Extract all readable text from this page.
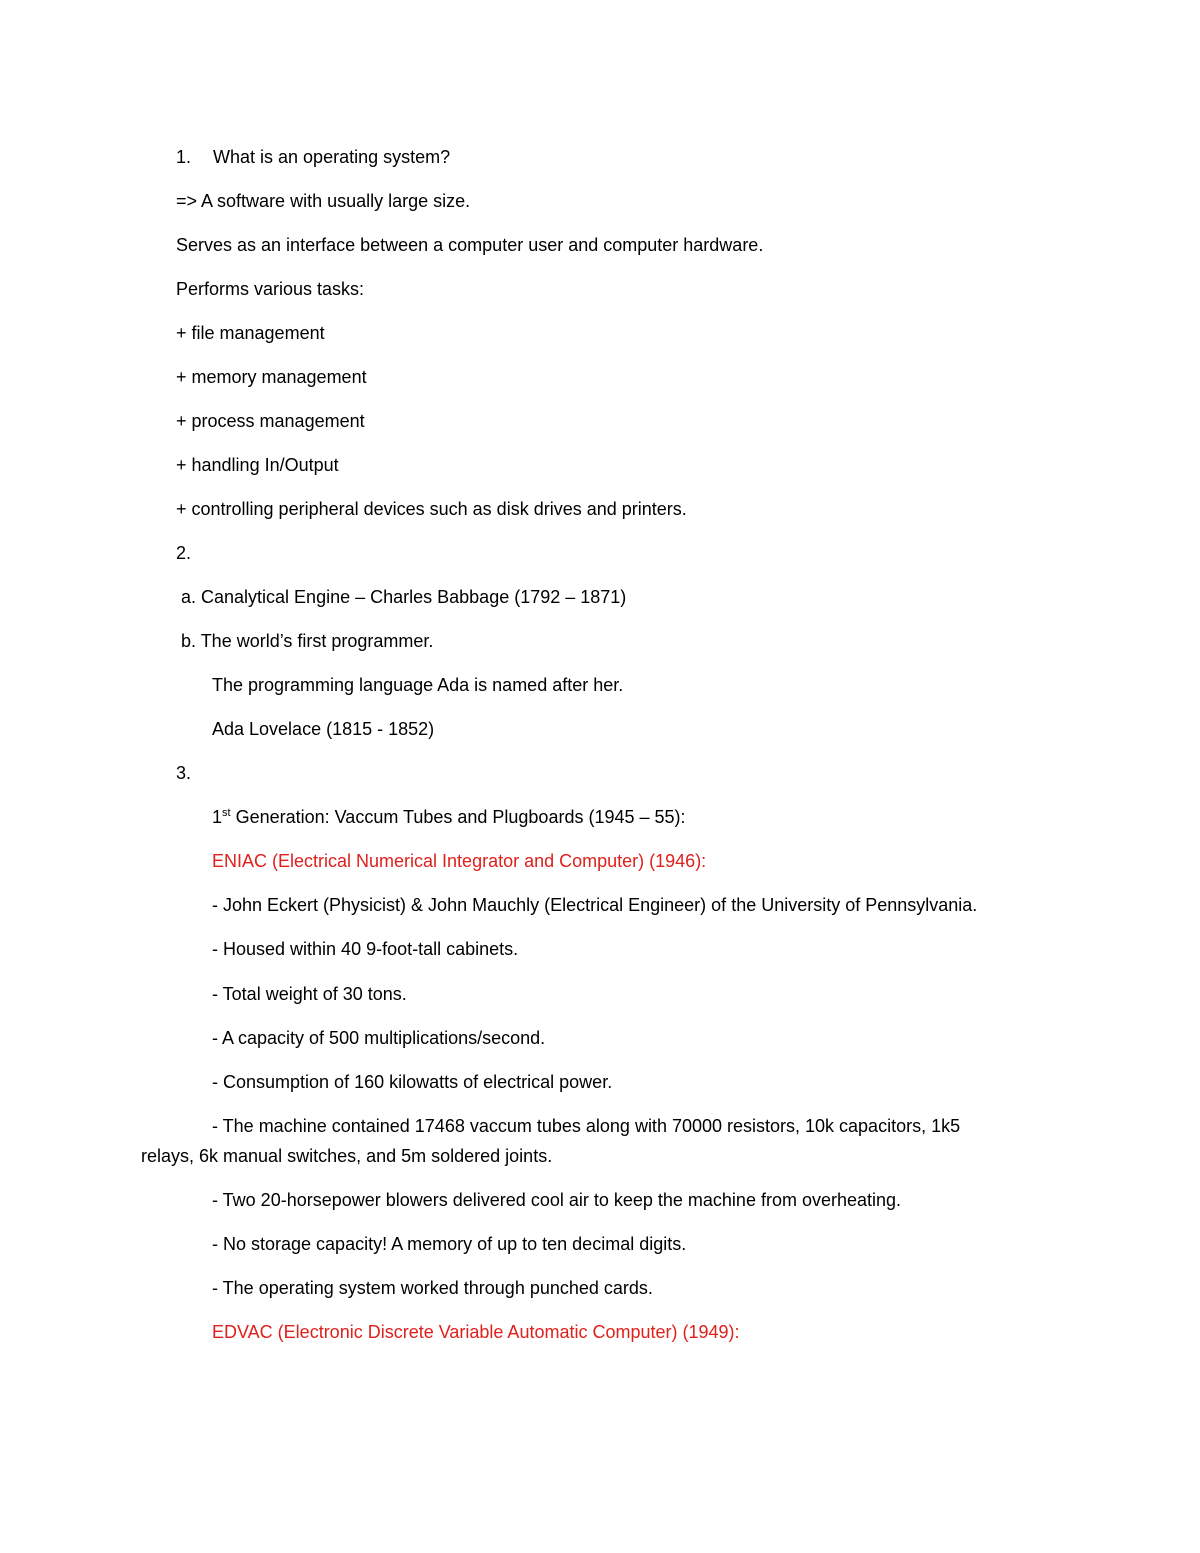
1. What is an operating system?
=> A software with usually large size.
Serves as an interface between a computer user and computer hardware.
Performs various tasks:
+ file management
+ memory management
+ process management
+ handling In/Output
+ controlling peripheral devices such as disk drives and printers.
2.
a. Canalytical Engine – Charles Babbage (1792 – 1871)
b. The world’s first programmer.
The programming language Ada is named after her.
Ada Lovelace (1815 - 1852)
3.
1st Generation: Vaccum Tubes and Plugboards (1945 – 55):
ENIAC (Electrical Numerical Integrator and Computer) (1946):
- John Eckert (Physicist) & John Mauchly (Electrical Engineer) of the University of Pennsylvania.
- Housed within 40 9-foot-tall cabinets.
- Total weight of 30 tons.
- A capacity of 500 multiplications/second.
- Consumption of 160 kilowatts of electrical power.
- The machine contained 17468 vaccum tubes along with 70000 resistors, 10k capacitors, 1k5
relays, 6k manual switches, and 5m soldered joints.
- Two 20-horsepower blowers delivered cool air to keep the machine from overheating.
- No storage capacity! A memory of up to ten decimal digits.
- The operating system worked through punched cards.
EDVAC (Electronic Discrete Variable Automatic Computer) (1949):
